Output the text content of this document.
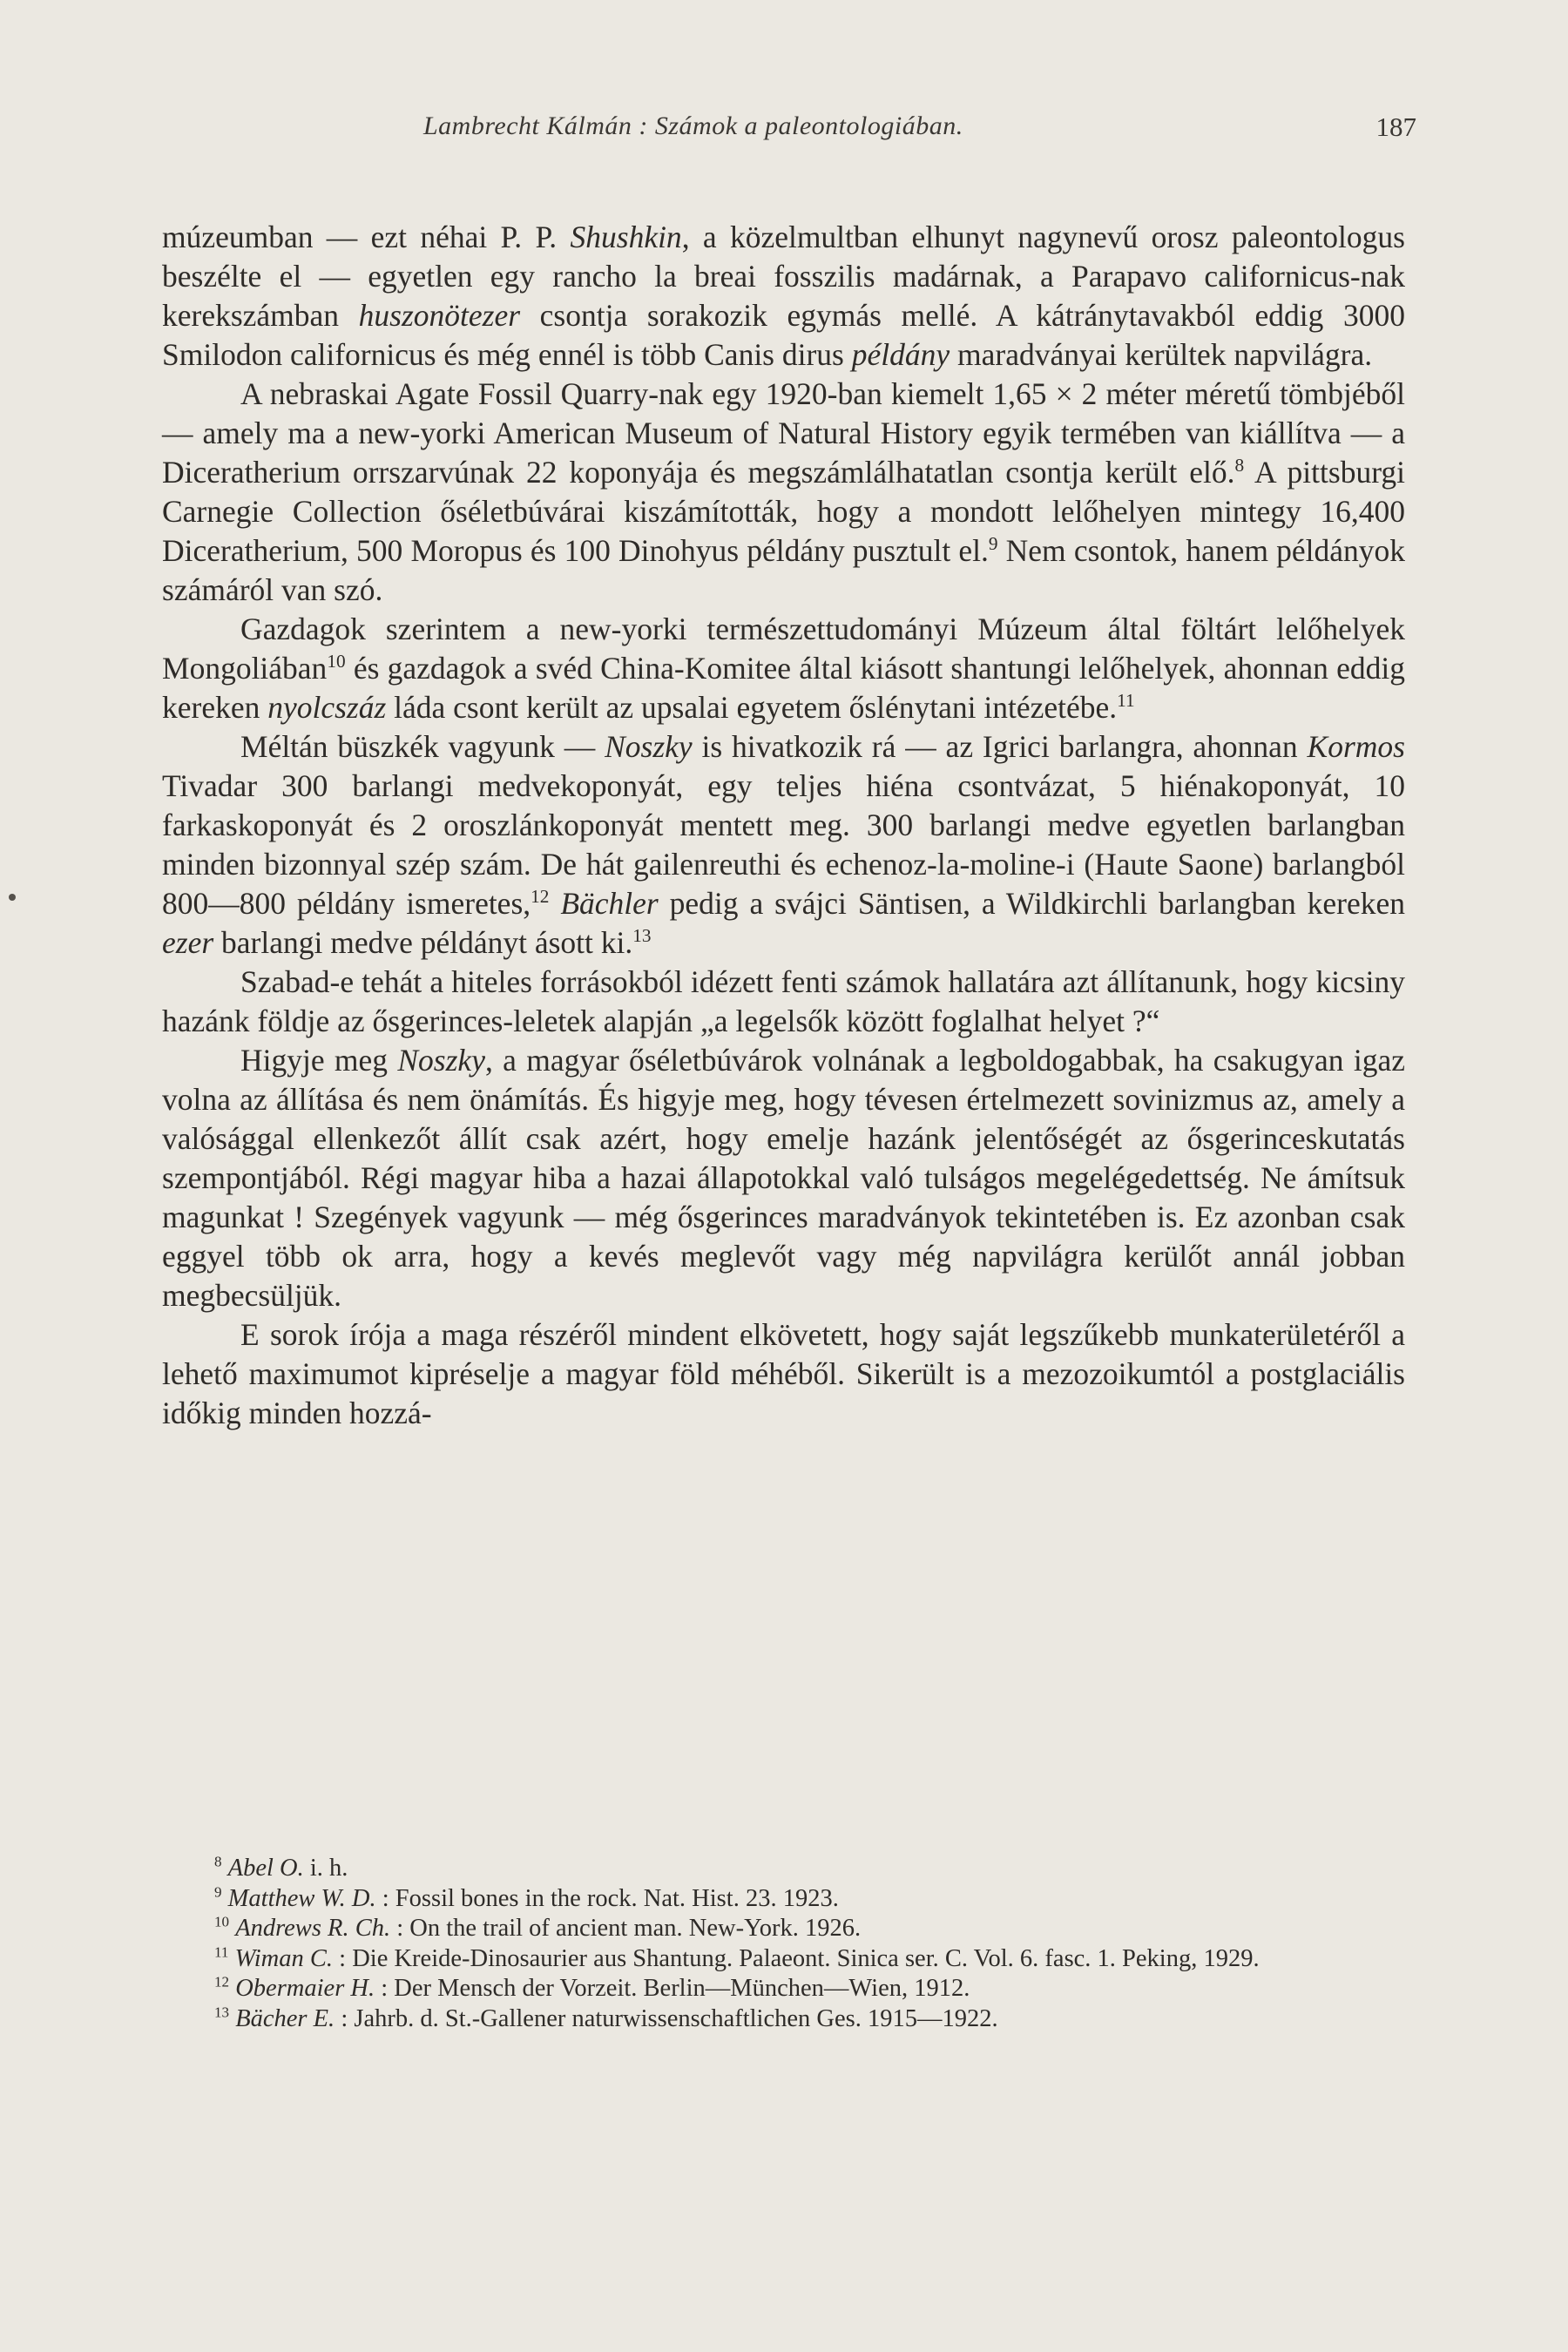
Lambrecht Kálmán : Számok a paleontologiában.	187

múzeumban — ezt néhai P. P. Shushkin, a közelmultban elhunyt nagynevű orosz paleontologus beszélte el — egyetlen egy rancho la breai fosszilis madárnak, a Parapavo californicus-nak kerekszámban huszonötezer csontja sorakozik egymás mellé. A kátránytavakból eddig 3000 Smilodon californicus és még ennél is több Canis dirus példány maradványai kerültek napvilágra.

A nebraskai Agate Fossil Quarry-nak egy 1920-ban kiemelt 1,65 × 2 méter méretű tömbjéből — amely ma a new-yorki American Museum of Natural History egyik termében van kiállítva — a Diceratherium orrszarvúnak 22 koponyája és megszámlálhatatlan csontja került elő.$^8$ A pittsburgi Carnegie Collection őséletbúvárai kiszámították, hogy a mondott lelőhelyen mintegy 16,400 Diceratherium, 500 Moropus és 100 Dinohyus példány pusztult el.$^9$ Nem csontok, hanem példányok számáról van szó.

Gazdagok szerintem a new-yorki természettudományi Múzeum által föltárt lelőhelyek Mongoliában$^{10}$ és gazdagok a svéd China-Komitee által kiásott shantungi lelőhelyek, ahonnan eddig kereken nyolcszáz láda csont került az upsalai egyetem őslénytani intézetébe.$^{11}$

Méltán büszkék vagyunk — Noszky is hivatkozik rá — az Igrici barlangra, ahonnan Kormos Tivadar 300 barlangi medvekoponyát, egy teljes hiéna csontvázat, 5 hiénakoponyát, 10 farkaskoponyát és 2 oroszlánkoponyát mentett meg. 300 barlangi medve egyetlen barlangban minden bizonnyal szép szám. De hát gailenreuthi és echenoz-la-moline-i (Haute Saone) barlangból 800—800 példány ismeretes,$^{12}$ Bächler pedig a svájci Säntisen, a Wildkirchli barlangban kereken ezer barlangi medve példányt ásott ki.$^{13}$

Szabad-e tehát a hiteles forrásokból idézett fenti számok hallatára azt állítanunk, hogy kicsiny hazánk földje az ősgerinces-leletek alapján „a legelsők között foglalhat helyet ?“

Higyje meg Noszky, a magyar őséletbúvárok volnának a legboldogabbak, ha csakugyan igaz volna az állítása és nem önámítás. És higyje meg, hogy tévesen értelmezett sovinizmus az, amely a valósággal ellenkezőt állít csak azért, hogy emelje hazánk jelentőségét az ősgerinceskutatás szempontjából. Régi magyar hiba a hazai állapotokkal való tulságos megelégedettség. Ne ámítsuk magunkat ! Szegények vagyunk — még ősgerinces maradványok tekintetében is. Ez azonban csak eggyel több ok arra, hogy a kevés meglevőt vagy még napvilágra kerülőt annál jobban megbecsüljük.

E sorok írója a maga részéről mindent elkövetett, hogy saját legszűkebb munkaterületéről a lehető maximumot kipréselje a magyar föld méhéből. Sikerült is a mezozoikumtól a postglaciális időkig minden hozzá-

$^8$ Abel O. i. h.
$^9$ Matthew W. D. : Fossil bones in the rock. Nat. Hist. 23. 1923.
$^{10}$ Andrews R. Ch. : On the trail of ancient man. New-York. 1926.
$^{11}$ Wiman C. : Die Kreide-Dinosaurier aus Shantung. Palaeont. Sinica ser. C. Vol. 6. fasc. 1. Peking, 1929.
$^{12}$ Obermaier H. : Der Mensch der Vorzeit. Berlin—München—Wien, 1912.
$^{13}$ Bächer E. : Jahrb. d. St.-Gallener naturwissenschaftlichen Ges. 1915—1922.
